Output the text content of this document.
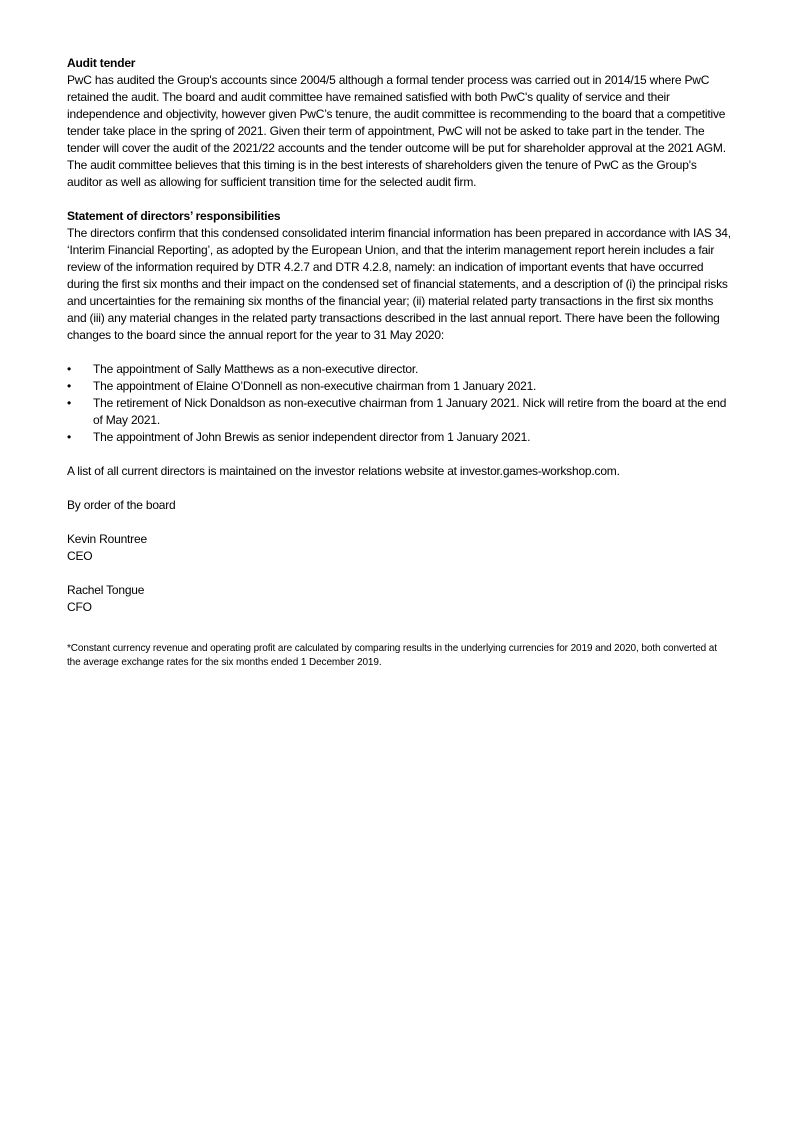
Audit tender
PwC has audited the Group's accounts since 2004/5 although a formal tender process was carried out in 2014/15 where PwC retained the audit. The board and audit committee have remained satisfied with both PwC's quality of service and their independence and objectivity, however given PwC’s tenure, the audit committee is recommending to the board that a competitive tender take place in the spring of 2021. Given their term of appointment, PwC will not be asked to take part in the tender. The tender will cover the audit of the 2021/22 accounts and the tender outcome will be put for shareholder approval at the 2021 AGM. The audit committee believes that this timing is in the best interests of shareholders given the tenure of PwC as the Group's auditor as well as allowing for sufficient transition time for the selected audit firm.
Statement of directors’ responsibilities
The directors confirm that this condensed consolidated interim financial information has been prepared in accordance with IAS 34, ‘Interim Financial Reporting’, as adopted by the European Union, and that the interim management report herein includes a fair review of the information required by DTR 4.2.7 and DTR 4.2.8, namely: an indication of important events that have occurred during the first six months and their impact on the condensed set of financial statements, and a description of (i) the principal risks and uncertainties for the remaining six months of the financial year; (ii) material related party transactions in the first six months and (iii) any material changes in the related party transactions described in the last annual report. There have been the following changes to the board since the annual report for the year to 31 May 2020:
•	The appointment of Sally Matthews as a non-executive director.
•	The appointment of Elaine O’Donnell as non-executive chairman from 1 January 2021.
•	The retirement of Nick Donaldson as non-executive chairman from 1 January 2021. Nick will retire from the board at the end of May 2021.
•	The appointment of John Brewis as senior independent director from 1 January 2021.
A list of all current directors is maintained on the investor relations website at investor.games-workshop.com.
By order of the board
Kevin Rountree
CEO
Rachel Tongue
CFO
*Constant currency revenue and operating profit are calculated by comparing results in the underlying currencies for 2019 and 2020, both converted at the average exchange rates for the six months ended 1 December 2019.
